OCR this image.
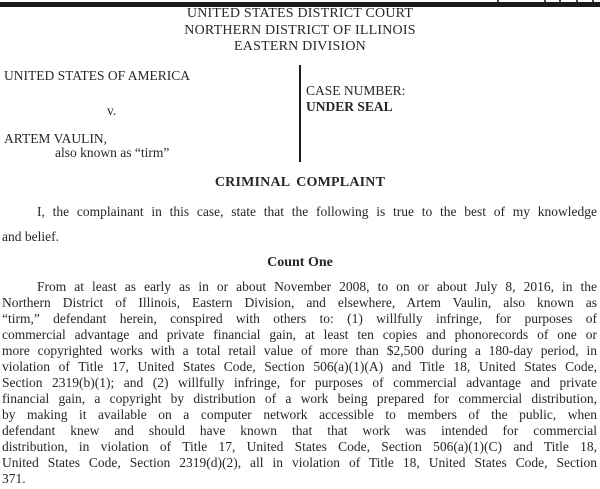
UNITED STATES DISTRICT COURT
NORTHERN DISTRICT OF ILLINOIS
EASTERN DIVISION
UNITED STATES OF AMERICA
v.
ARTEM VAULIN,
also known as “tirm”
CASE NUMBER:
UNDER SEAL
CRIMINAL COMPLAINT
I, the complainant in this case, state that the following is true to the best of my knowledge
and belief.
Count One
From at least as early as in or about November 2008, to on or about July 8, 2016, in the
Northern District of Illinois, Eastern Division, and elsewhere, Artem Vaulin, also known as
“tirm,” defendant herein, conspired with others to: (1) willfully infringe, for purposes of
commercial advantage and private financial gain, at least ten copies and phonorecords of one or
more copyrighted works with a total retail value of more than $2,500 during a 180-day period, in
violation of Title 17, United States Code, Section 506(a)(1)(A) and Title 18, United States Code,
Section 2319(b)(1); and (2) willfully infringe, for purposes of commercial advantage and private
financial gain, a copyright by distribution of a work being prepared for commercial distribution,
by making it available on a computer network accessible to members of the public, when
defendant knew and should have known that that work was intended for commercial
distribution, in violation of Title 17, United States Code, Section 506(a)(1)(C) and Title 18,
United States Code, Section 2319(d)(2), all in violation of Title 18, United States Code, Section
371.
